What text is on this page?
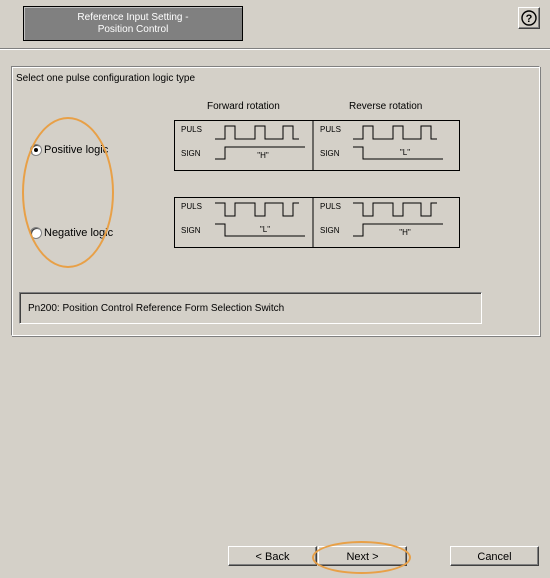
Reference Input Setting -
Position Control
?
Select one pulse configuration logic type
Forward rotation	Reverse rotation
Positive logic
Negative logic
PULS
SIGN
PULS
SIGN
"H"	"L"
PULS
SIGN
PULS
SIGN
"L"	"H"
Pn200: Position Control Reference Form Selection Switch
< Back	Next >	Cancel
